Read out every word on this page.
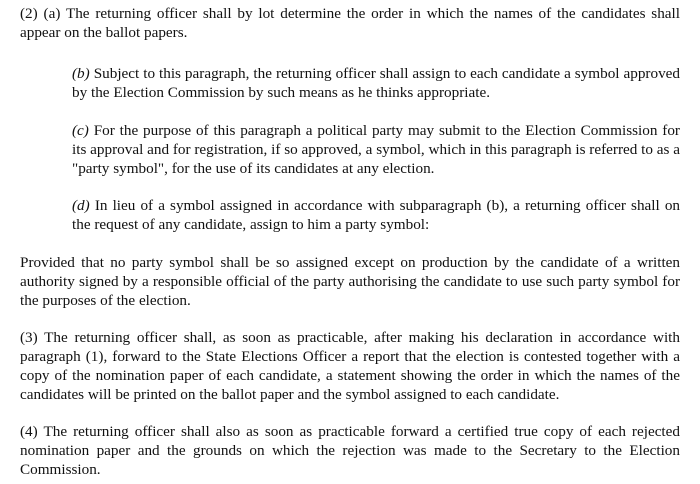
(2) (a) The returning officer shall by lot determine the order in which the names of the candidates shall appear on the ballot papers.

(b) Subject to this paragraph, the returning officer shall assign to each candidate a symbol approved by the Election Commission by such means as he thinks appropriate.

(c) For the purpose of this paragraph a political party may submit to the Election Commission for its approval and for registration, if so approved, a symbol, which in this paragraph is referred to as a "party symbol", for the use of its candidates at any election.

(d) In lieu of a symbol assigned in accordance with subparagraph (b), a returning officer shall on the request of any candidate, assign to him a party symbol:

Provided that no party symbol shall be so assigned except on production by the candidate of a written authority signed by a responsible official of the party authorising the candidate to use such party symbol for the purposes of the election.

(3) The returning officer shall, as soon as practicable, after making his declaration in accordance with paragraph (1), forward to the State Elections Officer a report that the election is contested together with a copy of the nomination paper of each candidate, a statement showing the order in which the names of the candidates will be printed on the ballot paper and the symbol assigned to each candidate.

(4) The returning officer shall also as soon as practicable forward a certified true copy of each rejected nomination paper and the grounds on which the rejection was made to the Secretary to the Election Commission.
